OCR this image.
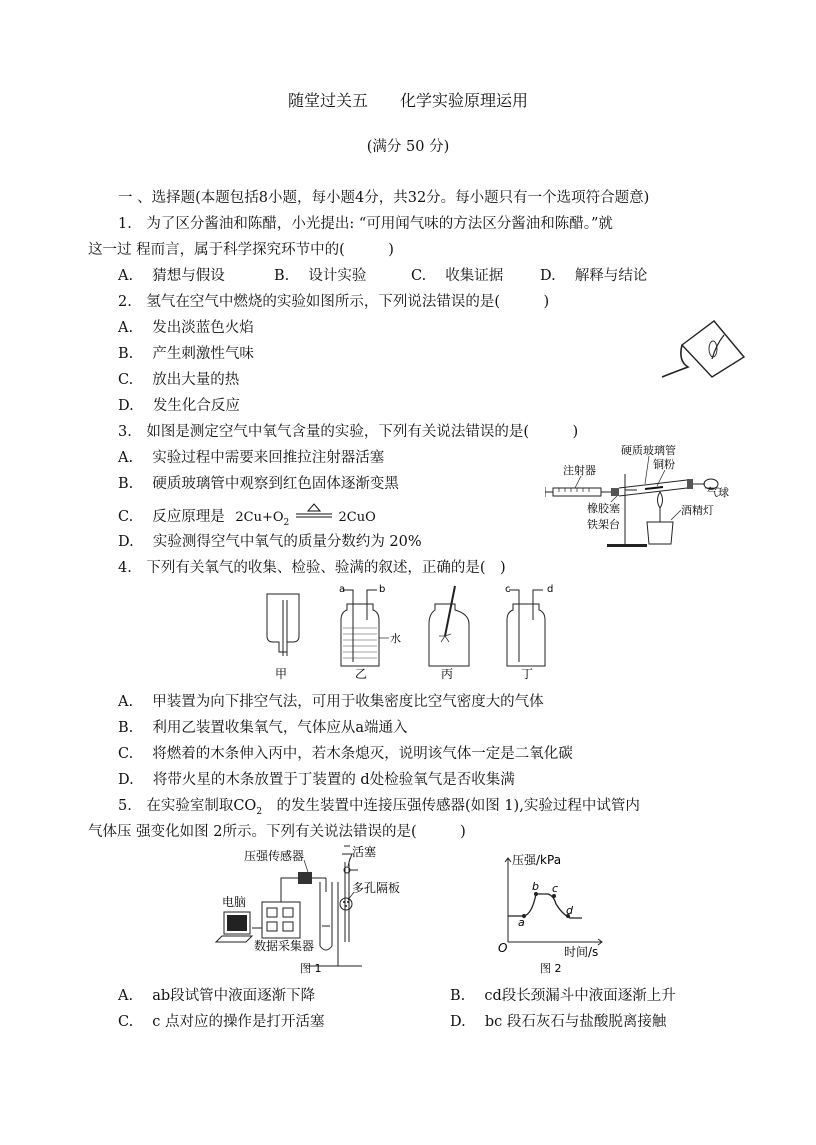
随堂过关五　　化学实验原理运用
(满分 50 分)
一 、选择题(本题包括8小题，每小题4分，共32分。每小题只有一个选项符合题意)
1.　为了区分酱油和陈醋，小光提出: “可用闻气味的方法区分酱油和陈醋。”就
这一过 程而言，属于科学探究环节中的(　　　)
A.　 猜想与假设	B.　 设计实验	C.　 收集证据	D.　 解释与结论
2.　氢气在空气中燃烧的实验如图所示，下列说法错误的是(　　　)
A.　 发出淡蓝色火焰
B.　 产生刺激性气味
C.　 放出大量的热
D.　 发生化合反应
3.　如图是测定空气中氧气含量的实验，下列有关说法错误的是(　　　)
A.　 实验过程中需要来回推拉注射器活塞
B.　 硬质玻璃管中观察到红色固体逐渐变黑
C.　 反应原理是 $2Cu+O_2$	2CuO
D.　 实验测得空气中氧气的质量分数约为 20%
注射器
硬质玻璃管
铜粉
气球
橡胶塞
铁架台
酒精灯
4.　下列有关氧气的收集、检验、验满的叙述，正确的是(　)
甲
a	b
水
乙	丙
c	d
丁
A.　 甲装置为向下排空气法，可用于收集密度比空气密度大的气体
B.　 利用乙装置收集氧气，气体应从a端通入
C.　 将燃着的木条伸入丙中，若木条熄灭，说明该气体一定是二氧化碳
D.　 将带火星的木条放置于丁装置的 d处检验氧气是否收集满
5.　在实验室制取$CO_2$　的发生装置中连接压强传感器(如图 1),实验过程中试管内
气体压 强变化如图 2所示。下列有关说法错误的是(　　　)
压强传感器	活塞
多孔隔板
电脑
数据采集器
图 1
压强/kPa
时间/s
O
a
b c
d
图 2
A.　 ab段试管中液面逐渐下降	B.　 cd段长颈漏斗中液面逐渐上升
C.　 c 点对应的操作是打开活塞	D.　 bc 段石灰石与盐酸脱离接触
